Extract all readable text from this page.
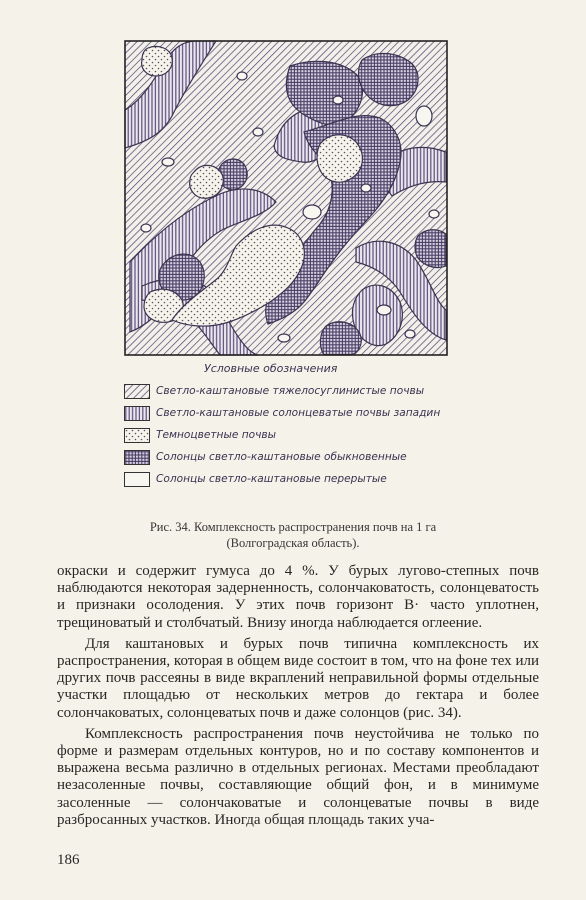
Условные обозначения
Светло-каштановые тяжелосуглинистые почвы
Светло-каштановые солонцеватые почвы западин
Темноцветные почвы
Солонцы светло-каштановые обыкновенные
Солонцы светло-каштановые перерытые
Рис. 34. Комплексность распространения почв на 1 га
(Волгоградская область).

окраски и содержит гумуса до 4 %. У бурых лугово-степных почв наблюдаются некоторая задерненность, солончаковатость, солонцеватость и признаки осолодения. У этих почв горизонт B· часто уплотнен, трещиноватый и столбчатый. Внизу иногда наблюдается оглеение.

Для каштановых и бурых почв типична комплексность их распространения, которая в общем виде состоит в том, что на фоне тех или других почв рассеяны в виде вкраплений неправильной формы отдельные участки площадью от нескольких метров до гектара и более солончаковатых, солонцеватых почв и даже солонцов (рис. 34).

Комплексность распространения почв неустойчива не только по форме и размерам отдельных контуров, но и по составу компонентов и выражена весьма различно в отдельных регионах. Местами преобладают незасоленные почвы, составляющие общий фон, и в минимуме засоленные — солончаковатые и солонцеватые почвы в виде разбросанных участков. Иногда общая площадь таких уча-

186
